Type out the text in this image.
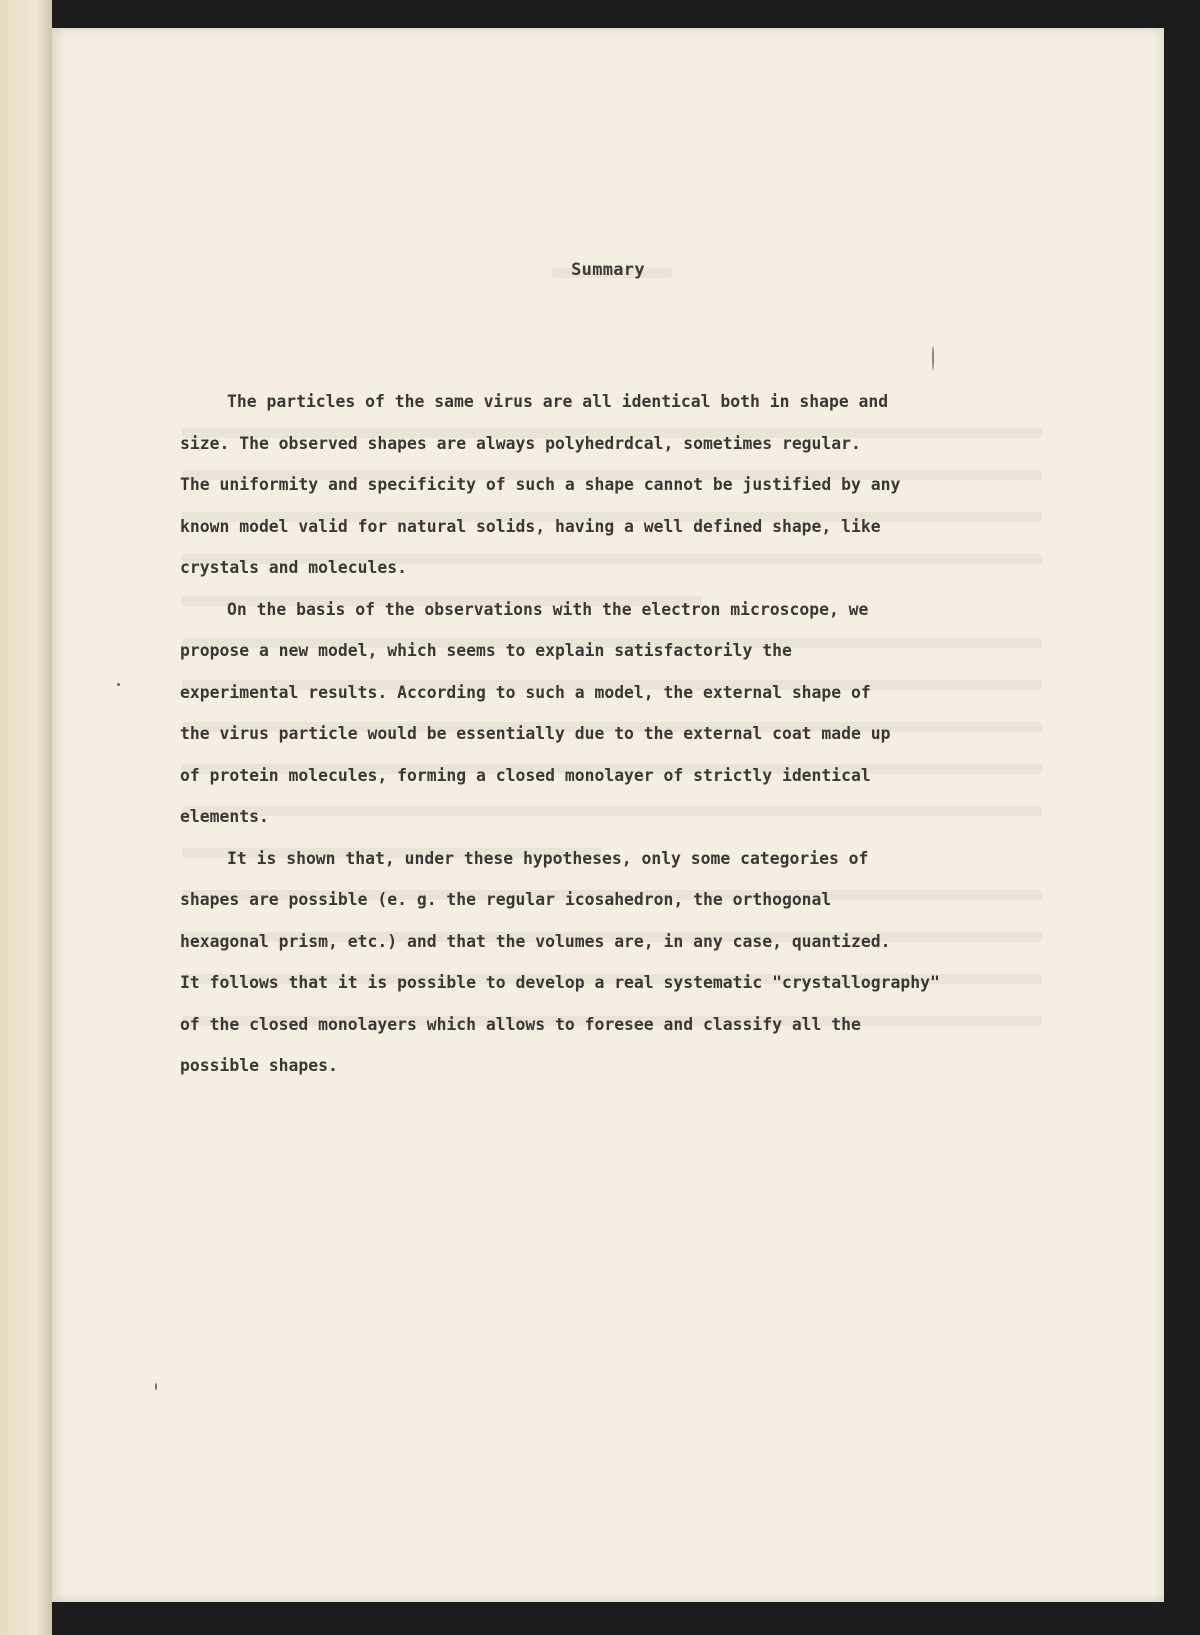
Summary
The particles of the same virus are all identical both in shape and
size. The observed shapes are always polyhedrdcal, sometimes regular.
The uniformity and specificity of such a shape cannot be justified by any
known model valid for natural solids, having a well defined shape, like
crystals and molecules.
On the basis of the observations with the electron microscope, we
propose a new model, which seems to explain satisfactorily the
experimental results. According to such a model, the external shape of
the virus particle would be essentially due to the external coat made up
of protein molecules, forming a closed monolayer of strictly identical
elements.
It is shown that, under these hypotheses, only some categories of
shapes are possible (e. g. the regular icosahedron, the orthogonal
hexagonal prism, etc.) and that the volumes are, in any case, quantized.
It follows that it is possible to develop a real systematic "crystallography"
of the closed monolayers which allows to foresee and classify all the
possible shapes.
